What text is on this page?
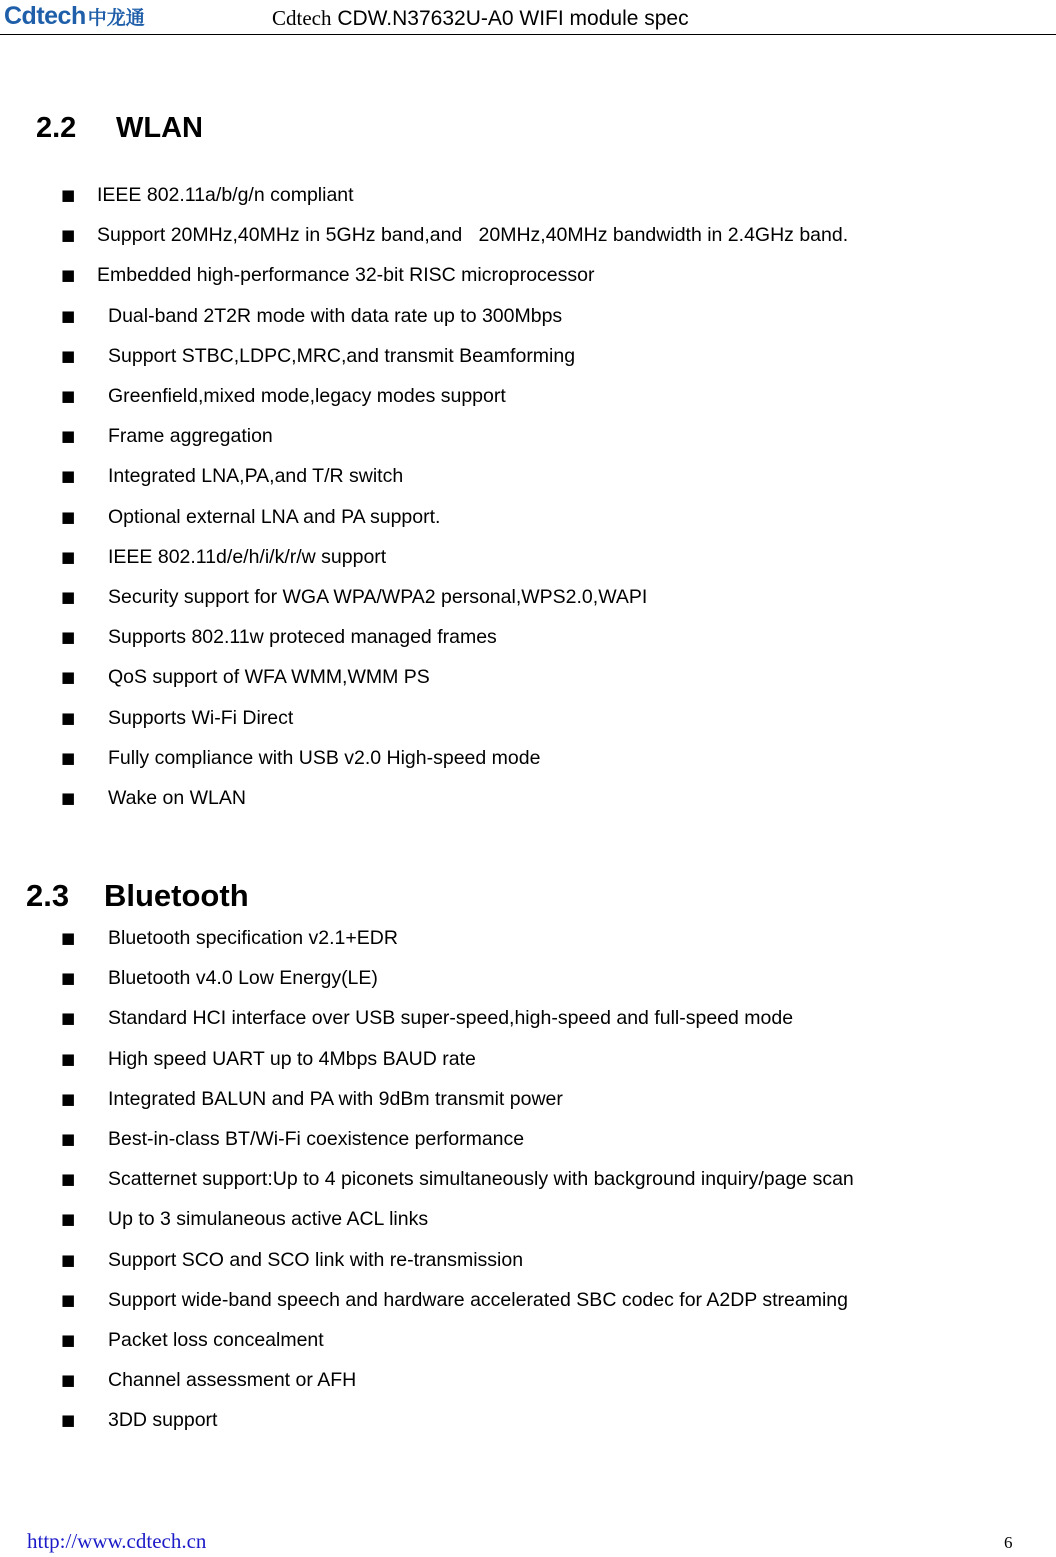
Cdtech 中龙通	Cdtech CDW.N37632U-A0 WIFI module spec
2.2 WLAN
■ IEEE 802.11a/b/g/n compliant
■ Support 20MHz,40MHz in 5GHz band,and   20MHz,40MHz bandwidth in 2.4GHz band.
■ Embedded high-performance 32-bit RISC microprocessor
■ Dual-band 2T2R mode with data rate up to 300Mbps
■ Support STBC,LDPC,MRC,and transmit Beamforming
■ Greenfield,mixed mode,legacy modes support
■ Frame aggregation
■ Integrated LNA,PA,and T/R switch
■ Optional external LNA and PA support.
■ IEEE 802.11d/e/h/i/k/r/w support
■ Security support for WGA WPA/WPA2 personal,WPS2.0,WAPI
■ Supports 802.11w proteced managed frames
■ QoS support of WFA WMM,WMM PS
■ Supports Wi-Fi Direct
■ Fully compliance with USB v2.0 High-speed mode
■ Wake on WLAN
2.3 Bluetooth
■ Bluetooth specification v2.1+EDR
■ Bluetooth v4.0 Low Energy(LE)
■ Standard HCI interface over USB super-speed,high-speed and full-speed mode
■ High speed UART up to 4Mbps BAUD rate
■ Integrated BALUN and PA with 9dBm transmit power
■ Best-in-class BT/Wi-Fi coexistence performance
■ Scatternet support:Up to 4 piconets simultaneously with background inquiry/page scan
■ Up to 3 simulaneous active ACL links
■ Support SCO and SCO link with re-transmission
■ Support wide-band speech and hardware accelerated SBC codec for A2DP streaming
■ Packet loss concealment
■ Channel assessment or AFH
■ 3DD support
http://www.cdtech.cn	6
